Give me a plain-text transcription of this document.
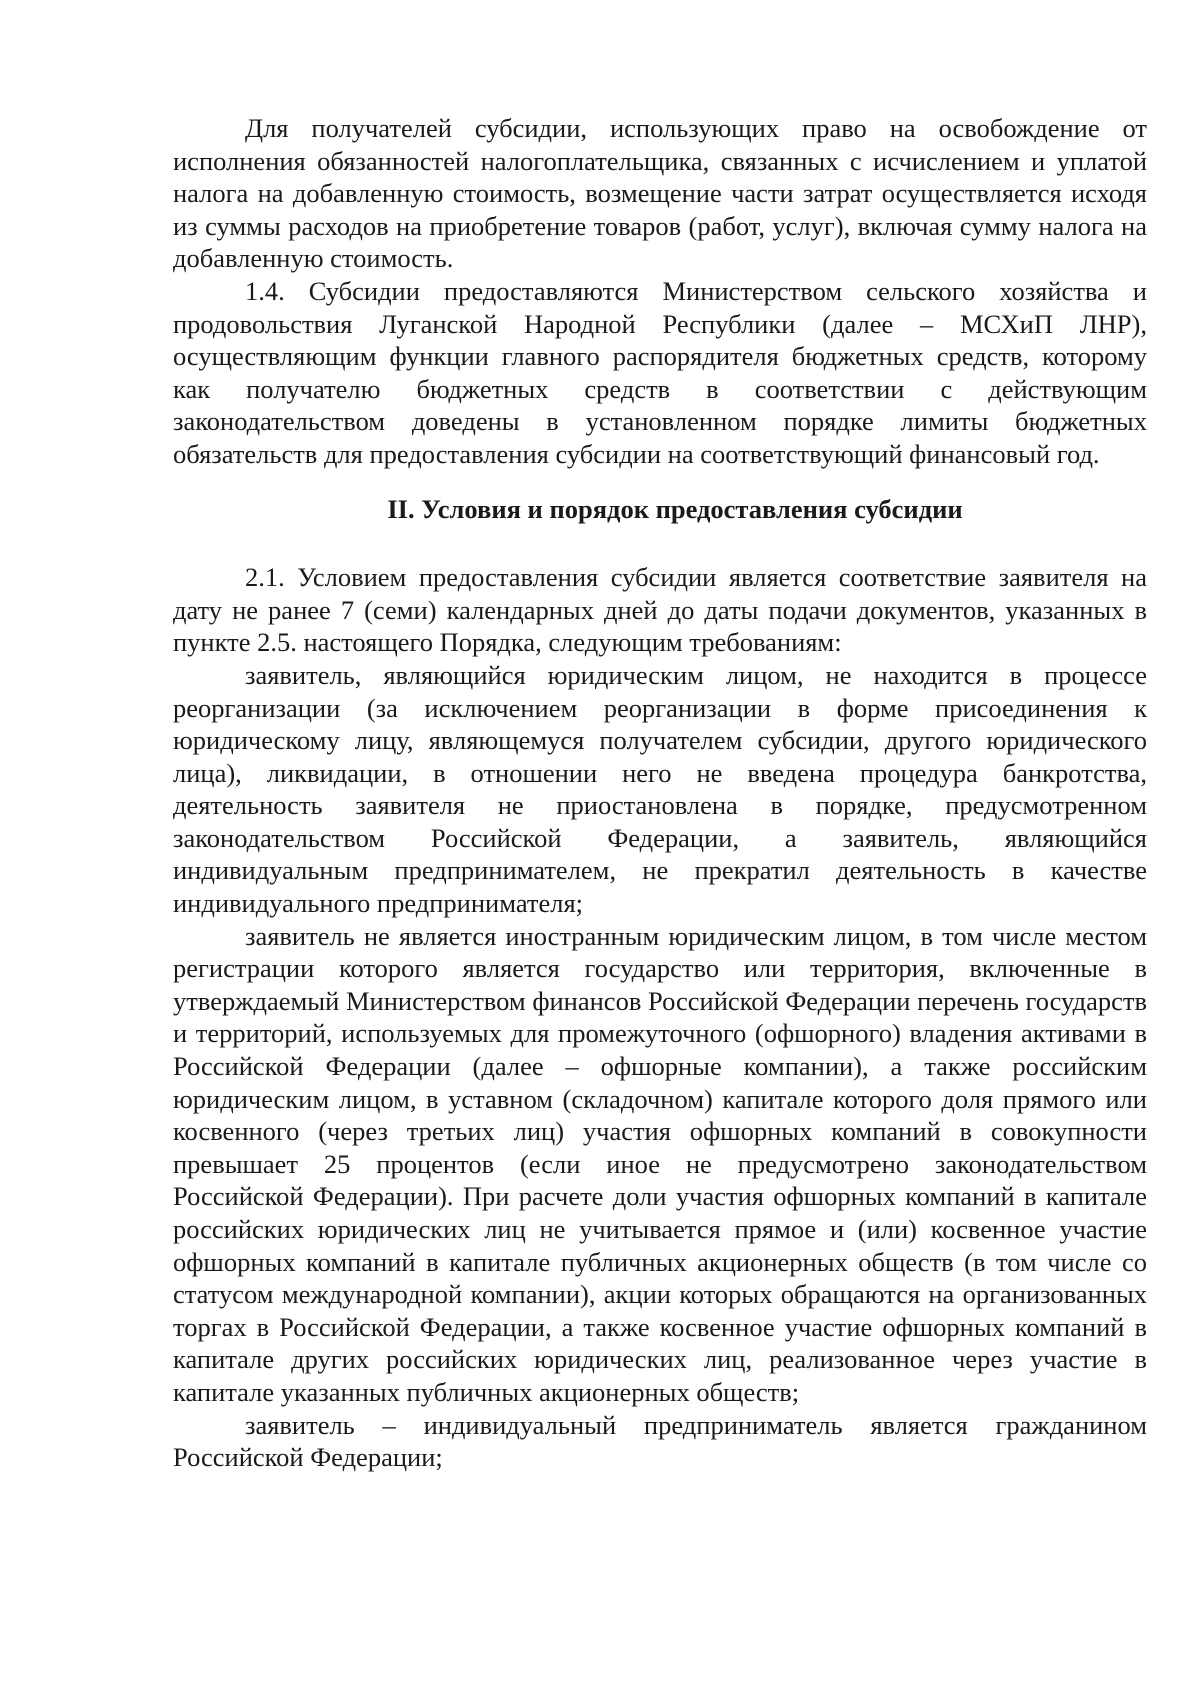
Для получателей субсидии, использующих право на освобождение от исполнения обязанностей налогоплательщика, связанных с исчислением и уплатой налога на добавленную стоимость, возмещение части затрат осуществляется исходя из суммы расходов на приобретение товаров (работ, услуг), включая сумму налога на добавленную стоимость.

1.4. Субсидии предоставляются Министерством сельского хозяйства и продовольствия Луганской Народной Республики (далее – МСХиП ЛНР), осуществляющим функции главного распорядителя бюджетных средств, которому как получателю бюджетных средств в соответствии с действующим законодательством доведены в установленном порядке лимиты бюджетных обязательств для предоставления субсидии на соответствующий финансовый год.

II. Условия и порядок предоставления субсидии

2.1. Условием предоставления субсидии является соответствие заявителя на дату не ранее 7 (семи) календарных дней до даты подачи документов, указанных в пункте 2.5. настоящего Порядка, следующим требованиям:

заявитель, являющийся юридическим лицом, не находится в процессе реорганизации (за исключением реорганизации в форме присоединения к юридическому лицу, являющемуся получателем субсидии, другого юридического лица), ликвидации, в отношении него не введена процедура банкротства, деятельность заявителя не приостановлена в порядке, предусмотренном законодательством Российской Федерации, а заявитель, являющийся индивидуальным предпринимателем, не прекратил деятельность в качестве индивидуального предпринимателя;

заявитель не является иностранным юридическим лицом, в том числе местом регистрации которого является государство или территория, включенные в утверждаемый Министерством финансов Российской Федерации перечень государств и территорий, используемых для промежуточного (офшорного) владения активами в Российской Федерации (далее – офшорные компании), а также российским юридическим лицом, в уставном (складочном) капитале которого доля прямого или косвенного (через третьих лиц) участия офшорных компаний в совокупности превышает 25 процентов (если иное не предусмотрено законодательством Российской Федерации). При расчете доли участия офшорных компаний в капитале российских юридических лиц не учитывается прямое и (или) косвенное участие офшорных компаний в капитале публичных акционерных обществ (в том числе со статусом международной компании), акции которых обращаются на организованных торгах в Российской Федерации, а также косвенное участие офшорных компаний в капитале других российских юридических лиц, реализованное через участие в капитале указанных публичных акционерных обществ;

заявитель – индивидуальный предприниматель является гражданином Российской Федерации;
